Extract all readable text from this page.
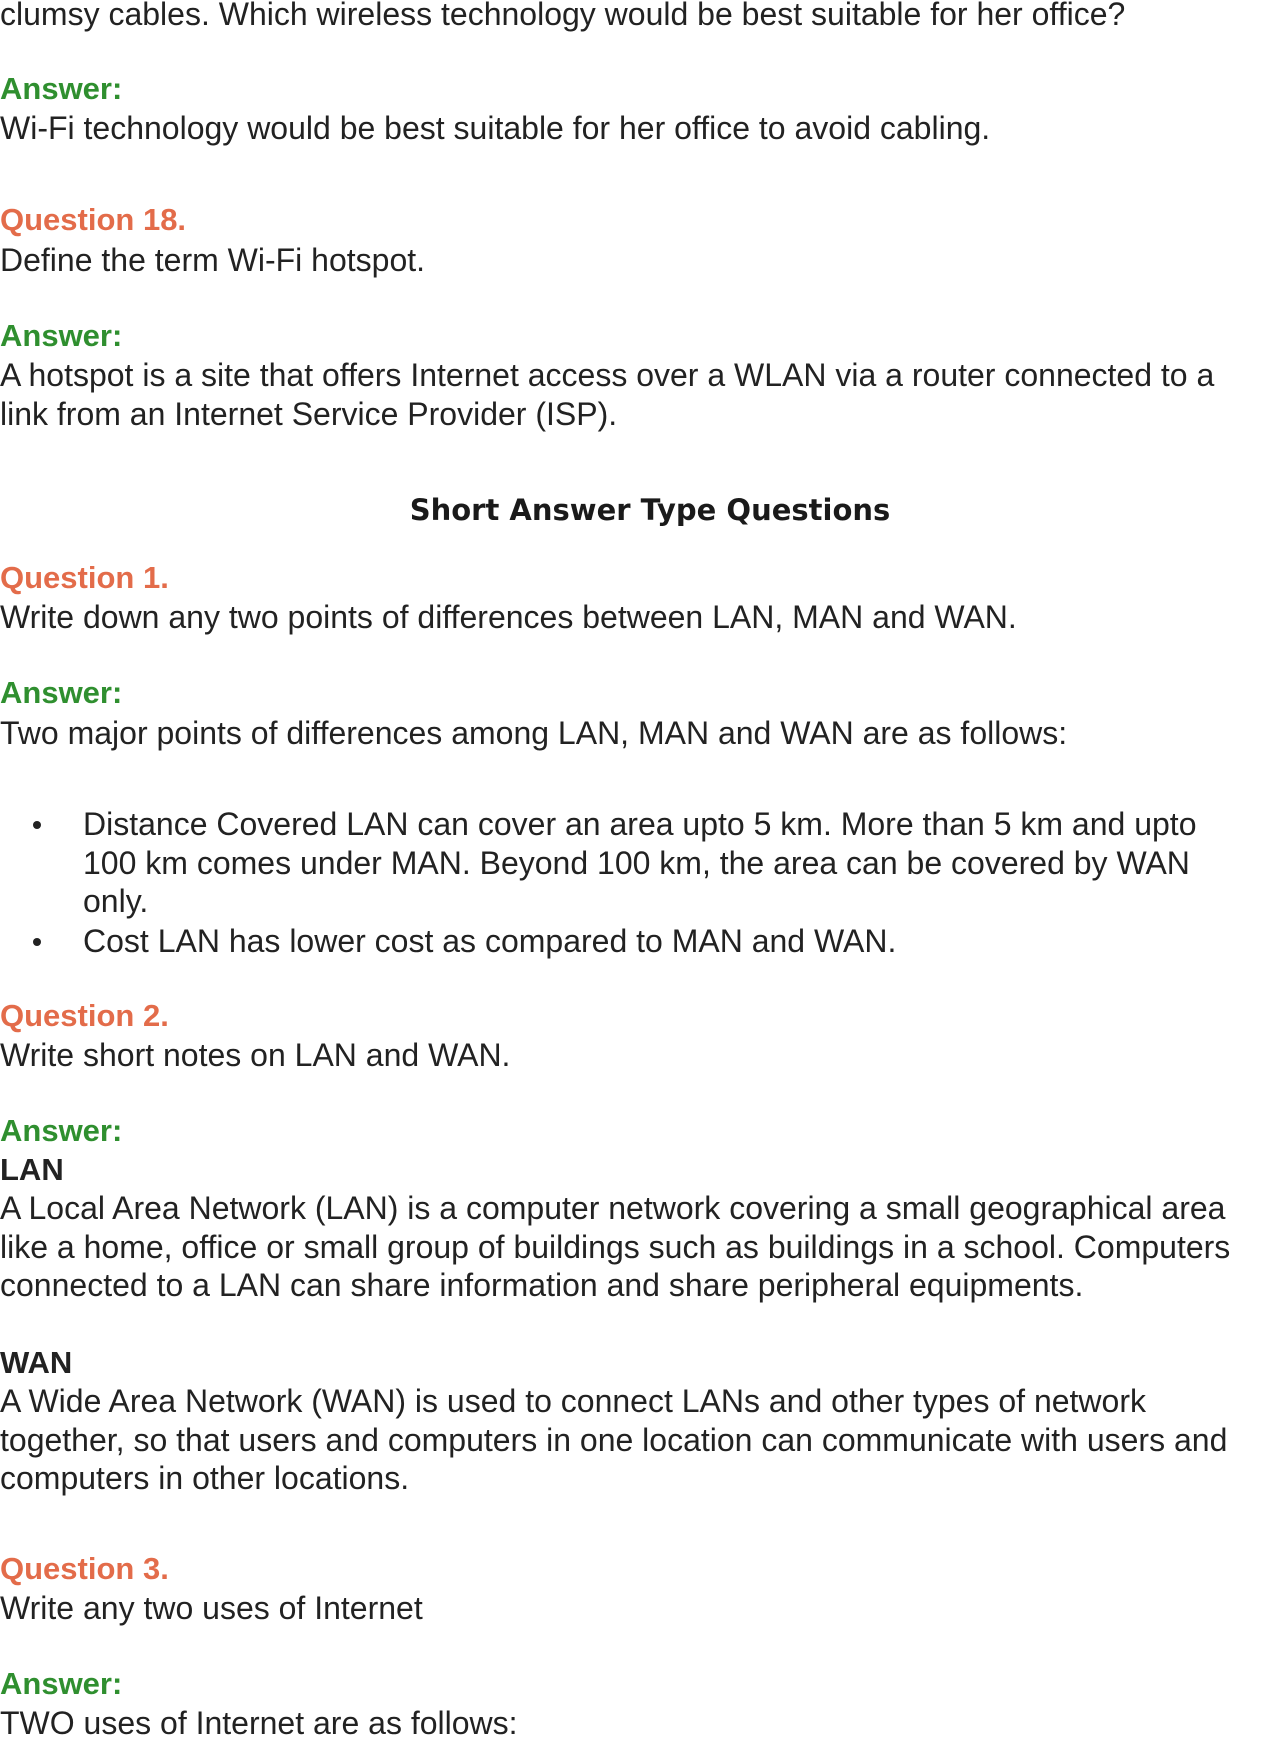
clumsy cables. Which wireless technology would be best suitable for her office?

Answer:

Wi-Fi technology would be best suitable for her office to avoid cabling.

Question 18.

Define the term Wi-Fi hotspot.

Answer:

A hotspot is a site that offers Internet access over a WLAN via a router connected to a

link from an Internet Service Provider (ISP).

Short Answer Type Questions

Question 1.

Write down any two points of differences between LAN, MAN and WAN.

Answer:

Two major points of differences among LAN, MAN and WAN are as follows:

Distance Covered LAN can cover an area upto 5 km. More than 5 km and upto

100 km comes under MAN. Beyond 100 km, the area can be covered by WAN

only.

Cost LAN has lower cost as compared to MAN and WAN.

Question 2.

Write short notes on LAN and WAN.

Answer:

LAN

A Local Area Network (LAN) is a computer network covering a small geographical area

like a home, office or small group of buildings such as buildings in a school. Computers

connected to a LAN can share information and share peripheral equipments.

WAN

A Wide Area Network (WAN) is used to connect LANs and other types of network

together, so that users and computers in one location can communicate with users and

computers in other locations.

Question 3.

Write any two uses of Internet

Answer:

TWO uses of Internet are as follows:
